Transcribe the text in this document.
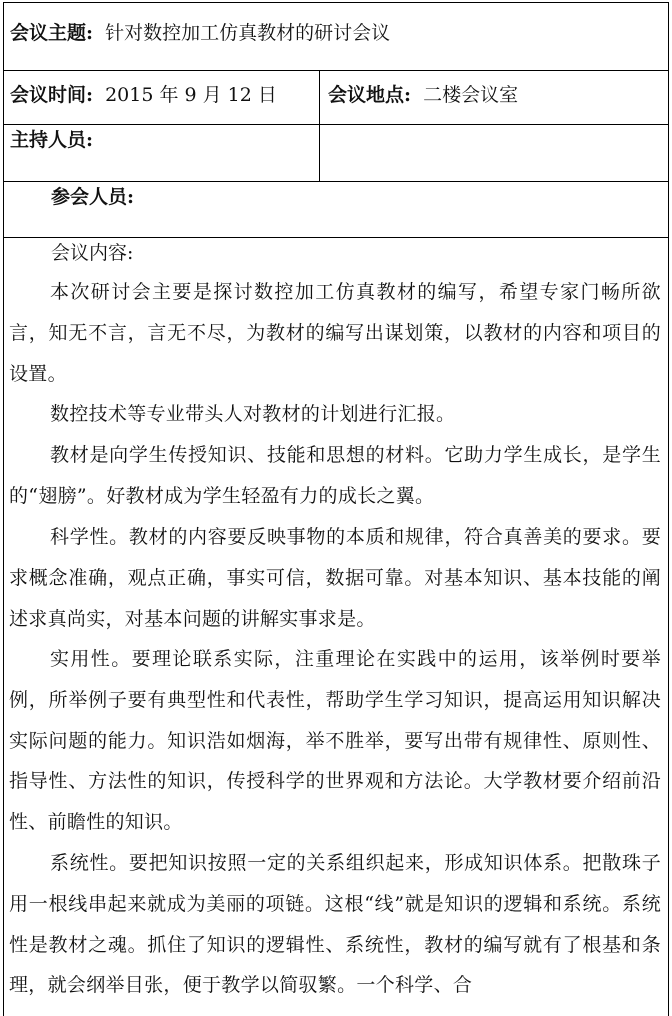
会议主题: 针对数控加工仿真教材的研讨会议
会议时间: 2015 年 9 月 12 日	会议地点: 二楼会议室
主持人员:
参会人员:
会议内容:
本次研讨会主要是探讨数控加工仿真教材的编写，希望专家门畅所欲言，知无不言，言无不尽，为教材的编写出谋划策，以教材的内容和项目的设置。
数控技术等专业带头人对教材的计划进行汇报。
教材是向学生传授知识、技能和思想的材料。它助力学生成长，是学生的“翅膀”。好教材成为学生轻盈有力的成长之翼。
科学性。教材的内容要反映事物的本质和规律，符合真善美的要求。要求概念准确，观点正确，事实可信，数据可靠。对基本知识、基本技能的阐述求真尚实，对基本问题的讲解实事求是。
实用性。要理论联系实际，注重理论在实践中的运用，该举例时要举例，所举例子要有典型性和代表性，帮助学生学习知识，提高运用知识解决实际问题的能力。知识浩如烟海，举不胜举，要写出带有规律性、原则性、指导性、方法性的知识，传授科学的世界观和方法论。大学教材要介绍前沿性、前瞻性的知识。
系统性。要把知识按照一定的关系组织起来，形成知识体系。把散珠子用一根线串起来就成为美丽的项链。这根“线”就是知识的逻辑和系统。系统性是教材之魂。抓住了知识的逻辑性、系统性，教材的编写就有了根基和条理，就会纲举目张，便于教学以简驭繁。一个科学、合
